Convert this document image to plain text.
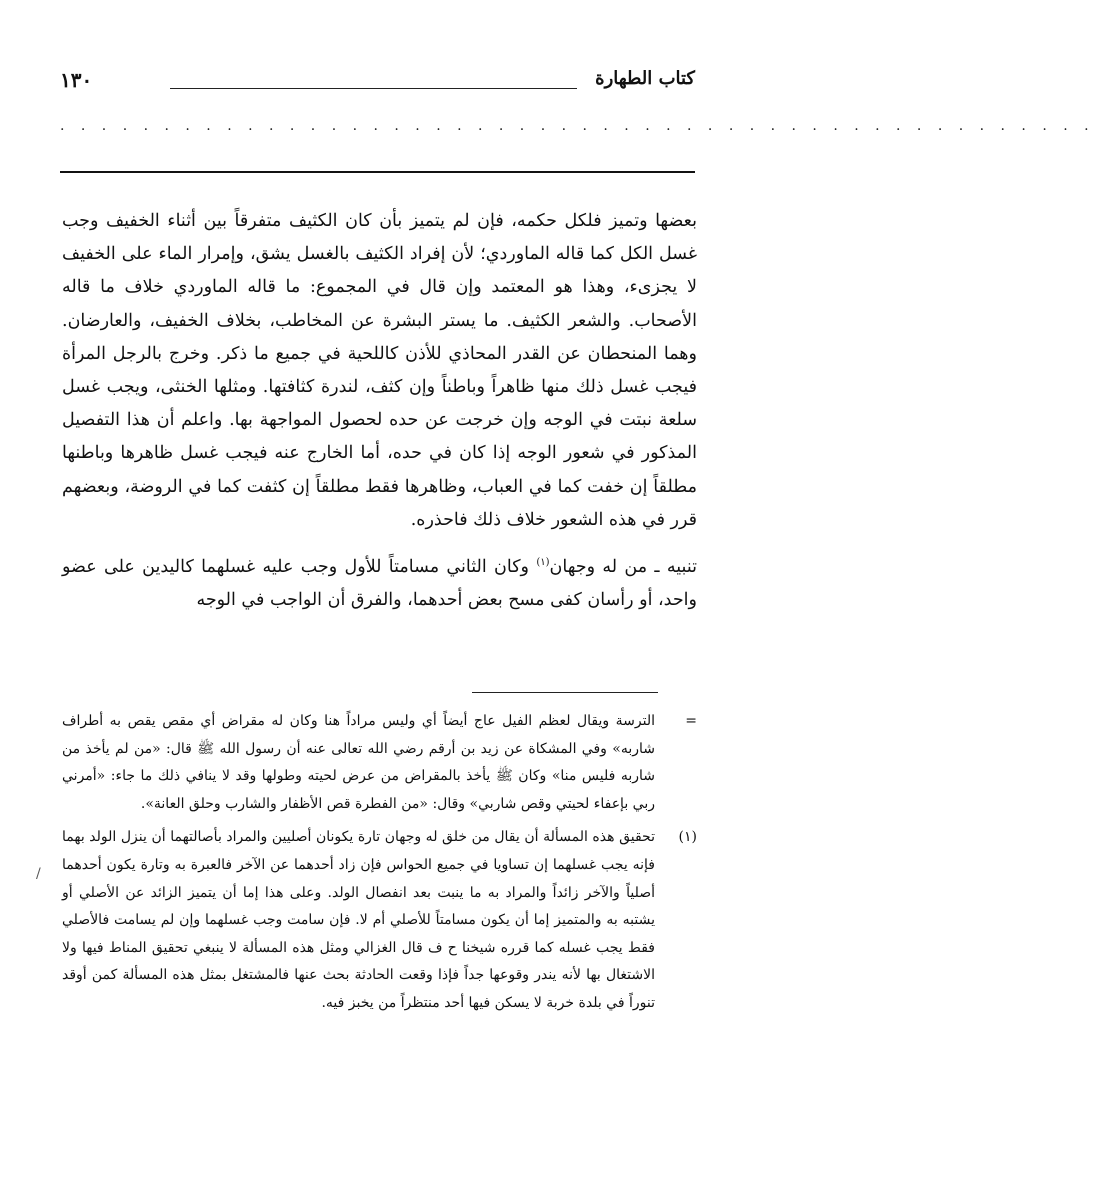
كتاب الطهارة
١٣٠
. . . . . . . . . . . . . . . . . . . . . . . . . . . . . . . . . . . . . . . . . . . . . . . . . .

بعضها وتميز فلكل حكمه، فإن لم يتميز بأن كان الكثيف متفرقاً بين أثناء الخفيف وجب غسل الكل كما قاله الماوردي؛ لأن إفراد الكثيف بالغسل يشق، وإمرار الماء على الخفيف لا يجزىء، وهذا هو المعتمد وإن قال في المجموع: ما قاله الماوردي خلاف ما قاله الأصحاب. والشعر الكثيف. ما يستر البشرة عن المخاطب، بخلاف الخفيف، والعارضان. وهما المنحطان عن القدر المحاذي للأذن كاللحية في جميع ما ذكر. وخرج بالرجل المرأة فيجب غسل ذلك منها ظاهراً وباطناً وإن كثف، لندرة كثافتها. ومثلها الخنثى، ويجب غسل سلعة نبتت في الوجه وإن خرجت عن حده لحصول المواجهة بها. واعلم أن هذا التفصيل المذكور في شعور الوجه إذا كان في حده، أما الخارج عنه فيجب غسل ظاهرها وباطنها مطلقاً إن خفت كما في العباب، وظاهرها فقط مطلقاً إن كثفت كما في الروضة، وبعضهم قرر في هذه الشعور خلاف ذلك فاحذره.

تنبيه ـ من له وجهان$^{(١)}$ وكان الثاني مسامتاً للأول وجب عليه غسلهما كاليدين على عضو واحد، أو رأسان كفى مسح بعض أحدهما، والفرق أن الواجب في الوجه

=
الترسة ويقال لعظم الفيل عاج أيضاً أي وليس مراداً هنا وكان له مقراض أي مقص يقص به أطراف شاربه» وفي المشكاة عن زيد بن أرقم رضي الله تعالى عنه أن رسول الله ﷺ قال: «من لم يأخذ من شاربه فليس منا» وكان ﷺ يأخذ بالمقراض من عرض لحيته وطولها وقد لا ينافي ذلك ما جاء: «أمرني ربي بإعفاء لحيتي وقص شاربي» وقال: «من الفطرة قص الأظفار والشارب وحلق العانة».
(١)
تحقيق هذه المسألة أن يقال من خلق له وجهان تارة يكونان أصليين والمراد بأصالتهما أن ينزل الولد بهما فإنه يجب غسلهما إن تساويا في جميع الحواس فإن زاد أحدهما عن الآخر فالعبرة به وتارة يكون أحدهما أصلياً والآخر زائداً والمراد به ما ينبت بعد انفصال الولد. وعلى هذا إما أن يتميز الزائد عن الأصلي أو يشتبه به والمتميز إما أن يكون مسامتاً للأصلي أم لا. فإن سامت وجب غسلهما وإن لم يسامت فالأصلي فقط يجب غسله كما قرره شيخنا ح ف قال الغزالي ومثل هذه المسألة لا ينبغي تحقيق المناط فيها ولا الاشتغال بها لأنه يندر وقوعها جداً فإذا وقعت الحادثة بحث عنها فالمشتغل بمثل هذه المسألة كمن أوقد تنوراً في بلدة خربة لا يسكن فيها أحد منتظراً من يخبز فيه.
/
